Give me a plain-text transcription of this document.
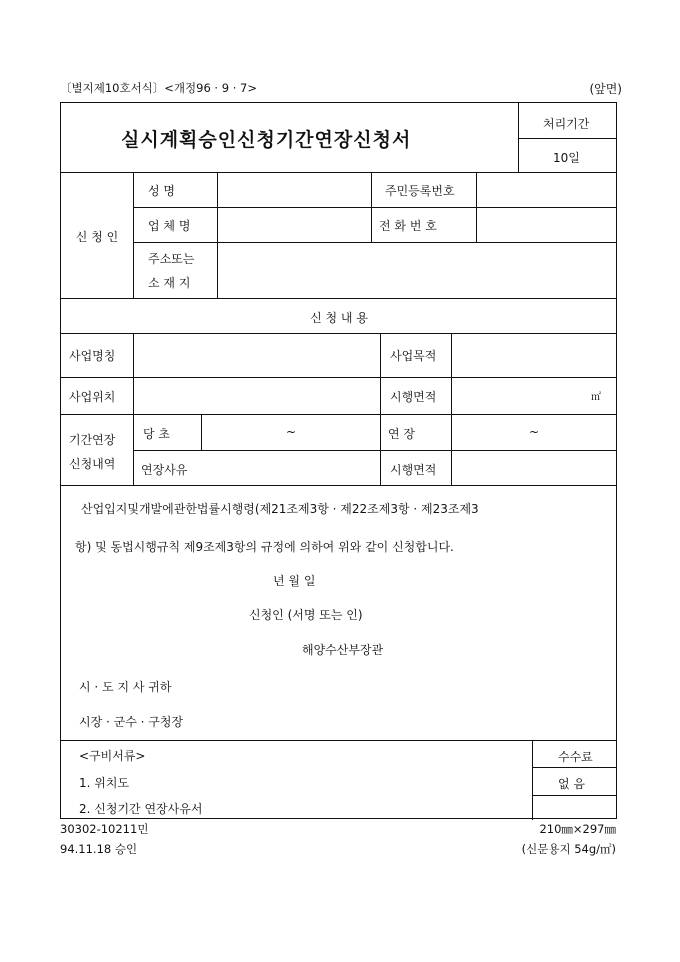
〔별지제10호서식〕<개정96 · 9 · 7>	(앞면)
실시계획승인신청기간연장신청서
처리기간
10일
신 청 인
성 명	주민등록번호
업 체 명	전 화 번 호
주소또는
소 재 지
신 청 내 용
사업명칭	사업목적
사업위치	시행면적	㎡
기간연장
신청내역
당 초	~	연 장	~
연장사유	시행면적
산업입지및개발에관한법률시행령(제21조제3항 · 제22조제3항 · 제23조제3
항) 및 동법시행규칙 제9조제3항의 규정에 의하여 위와 같이 신청합니다.
년 월 일
신청인 (서명 또는 인)
해양수산부장관
시 · 도 지 사 귀하
시장 · 군수 · 구청장
<구비서류>
1. 위치도
2. 신청기간 연장사유서
수수료
없 음
30302-10211민	210㎜×297㎜
94.11.18 승인	(신문용지 54g/㎡)
